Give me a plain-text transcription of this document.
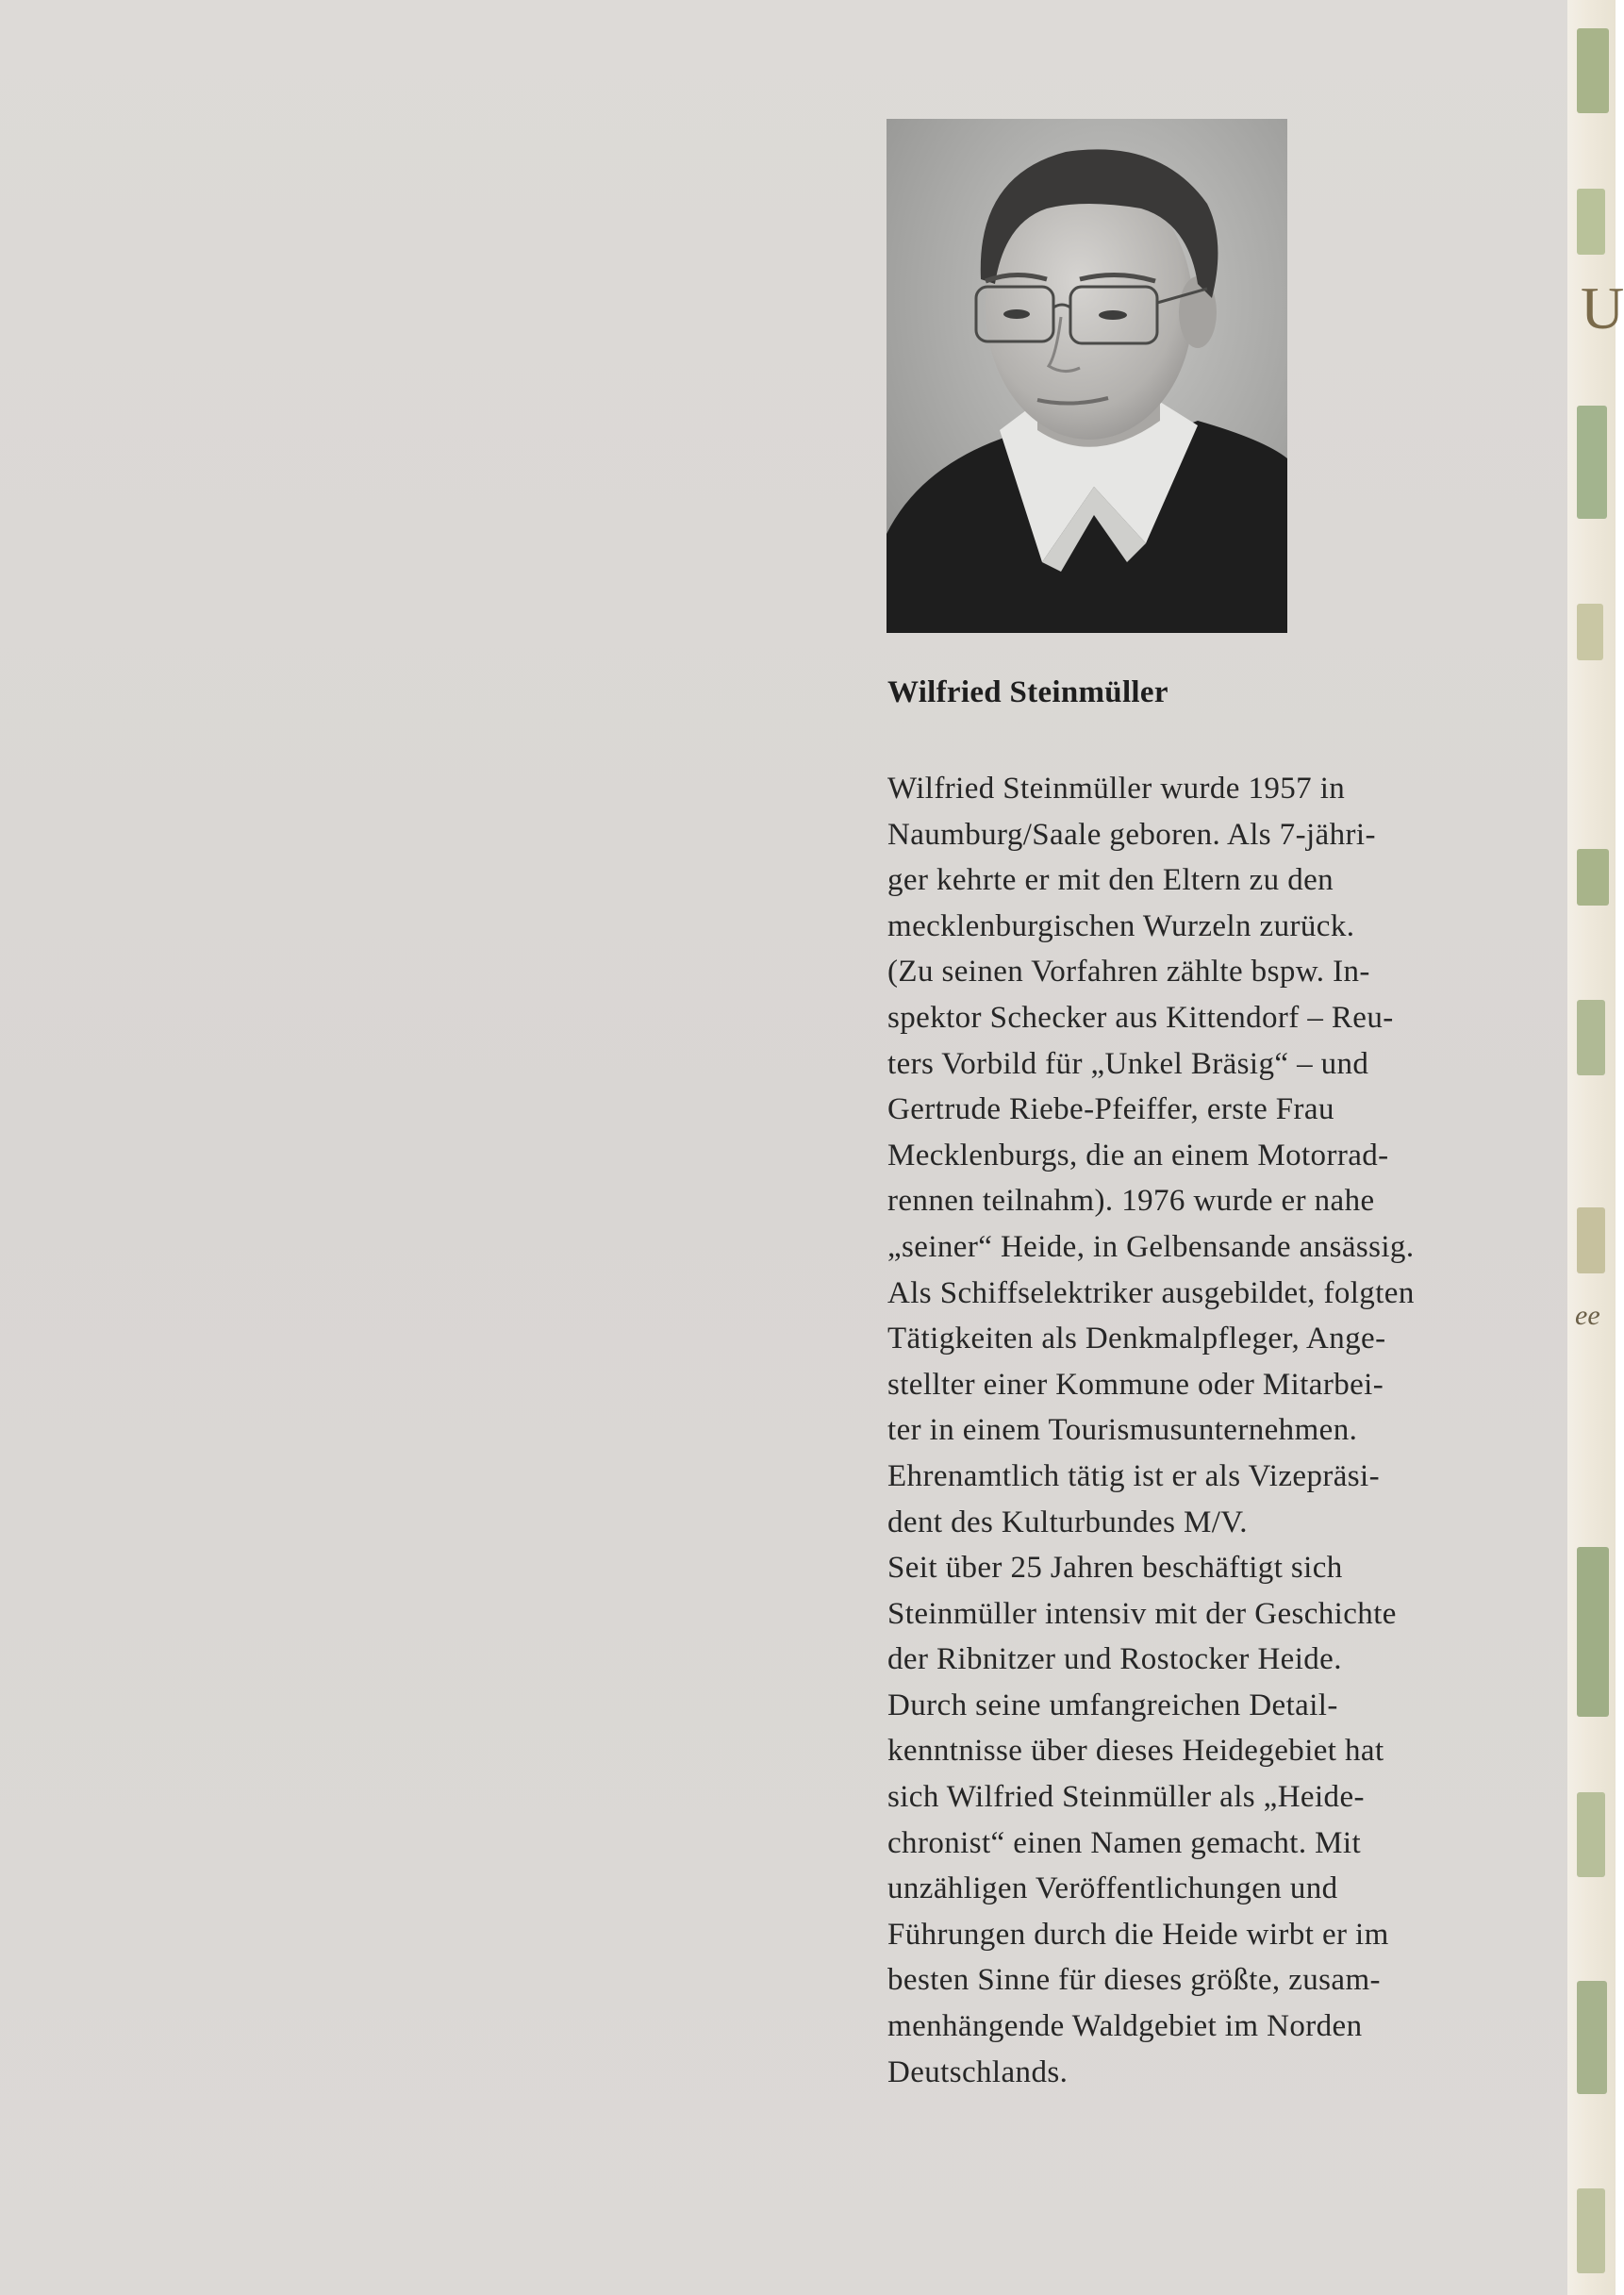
Wilfried Steinmüller
Wilfried Steinmüller wurde 1957 in
Naumburg/Saale geboren. Als 7-jähri-
ger kehrte er mit den Eltern zu den
mecklenburgischen Wurzeln zurück.
(Zu seinen Vorfahren zählte bspw. In-
spektor Schecker aus Kittendorf – Reu-
ters Vorbild für „Unkel Bräsig“ – und
Gertrude Riebe-Pfeiffer, erste Frau
Mecklenburgs, die an einem Motorrad-
rennen teilnahm). 1976 wurde er nahe
„seiner“ Heide, in Gelbensande ansässig.
Als Schiffselektriker ausgebildet, folgten
Tätigkeiten als Denkmalpfleger, Ange-
stellter einer Kommune oder Mitarbei-
ter in einem Tourismusunternehmen.
Ehrenamtlich tätig ist er als Vizepräsi-
dent des Kulturbundes M/V.
Seit über 25 Jahren beschäftigt sich
Steinmüller intensiv mit der Geschichte
der Ribnitzer und Rostocker Heide.
Durch seine umfangreichen Detail-
kenntnisse über dieses Heidegebiet hat
sich Wilfried Steinmüller als „Heide-
chronist“ einen Namen gemacht. Mit
unzähligen Veröffentlichungen und
Führungen durch die Heide wirbt er im
besten Sinne für dieses größte, zusam-
menhängende Waldgebiet im Norden
Deutschlands.
U
ee
